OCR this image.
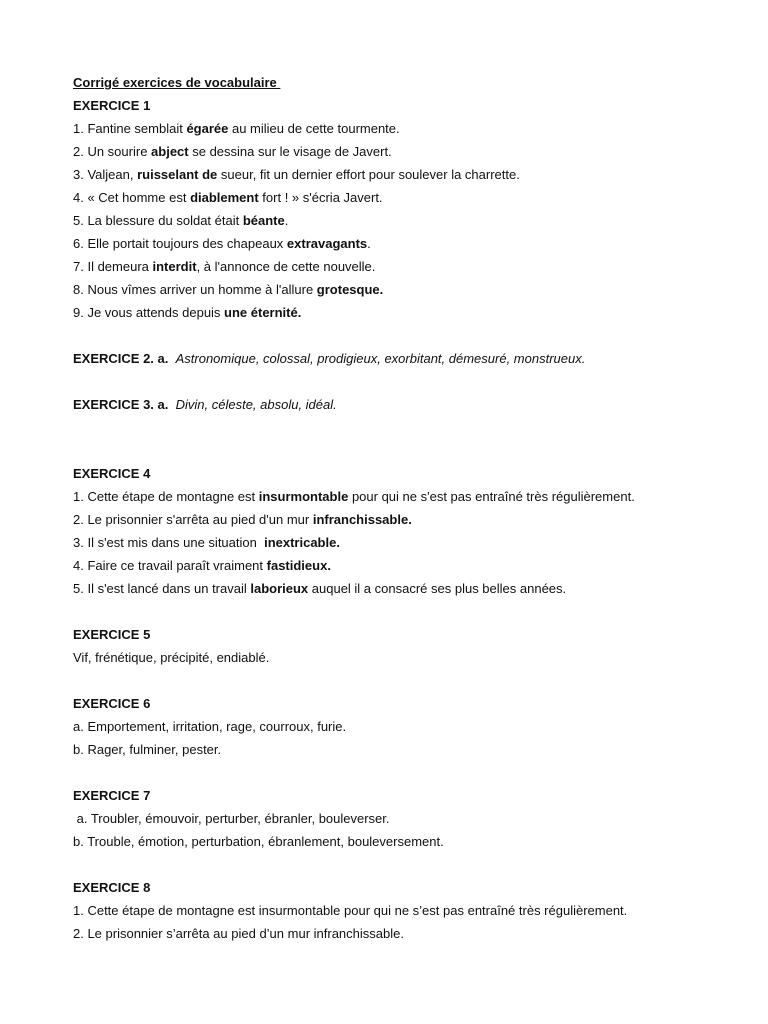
Corrigé exercices de vocabulaire
EXERCICE 1
1. Fantine semblait égarée au milieu de cette tourmente.
2. Un sourire abject se dessina sur le visage de Javert.
3. Valjean, ruisselant de sueur, fit un dernier effort pour soulever la charrette.
4. « Cet homme est diablement fort ! » s'écria Javert.
5. La blessure du soldat était béante.
6. Elle portait toujours des chapeaux extravagants.
7. Il demeura interdit, à l'annonce de cette nouvelle.
8. Nous vîmes arriver un homme à l'allure grotesque.
9. Je vous attends depuis une éternité.
EXERCICE 2. a. Astronomique, colossal, prodigieux, exorbitant, démesuré, monstrueux.
EXERCICE 3. a. Divin, céleste, absolu, idéal.
EXERCICE 4
1. Cette étape de montagne est insurmontable pour qui ne s'est pas entraîné très régulièrement.
2. Le prisonnier s'arrêta au pied d'un mur infranchissable.
3. Il s'est mis dans une situation  inextricable.
4. Faire ce travail paraît vraiment fastidieux.
5. Il s'est lancé dans un travail laborieux auquel il a consacré ses plus belles années.
EXERCICE 5
Vif, frénétique, précipité, endiablé.
EXERCICE 6
a. Emportement, irritation, rage, courroux, furie.
b. Rager, fulminer, pester.
EXERCICE 7
a. Troubler, émouvoir, perturber, ébranler, bouleverser.
b. Trouble, émotion, perturbation, ébranlement, bouleversement.
EXERCICE 8
1. Cette étape de montagne est insurmontable pour qui ne s’est pas entraîné très régulièrement.
2. Le prisonnier s’arrêta au pied d’un mur infranchissable.
